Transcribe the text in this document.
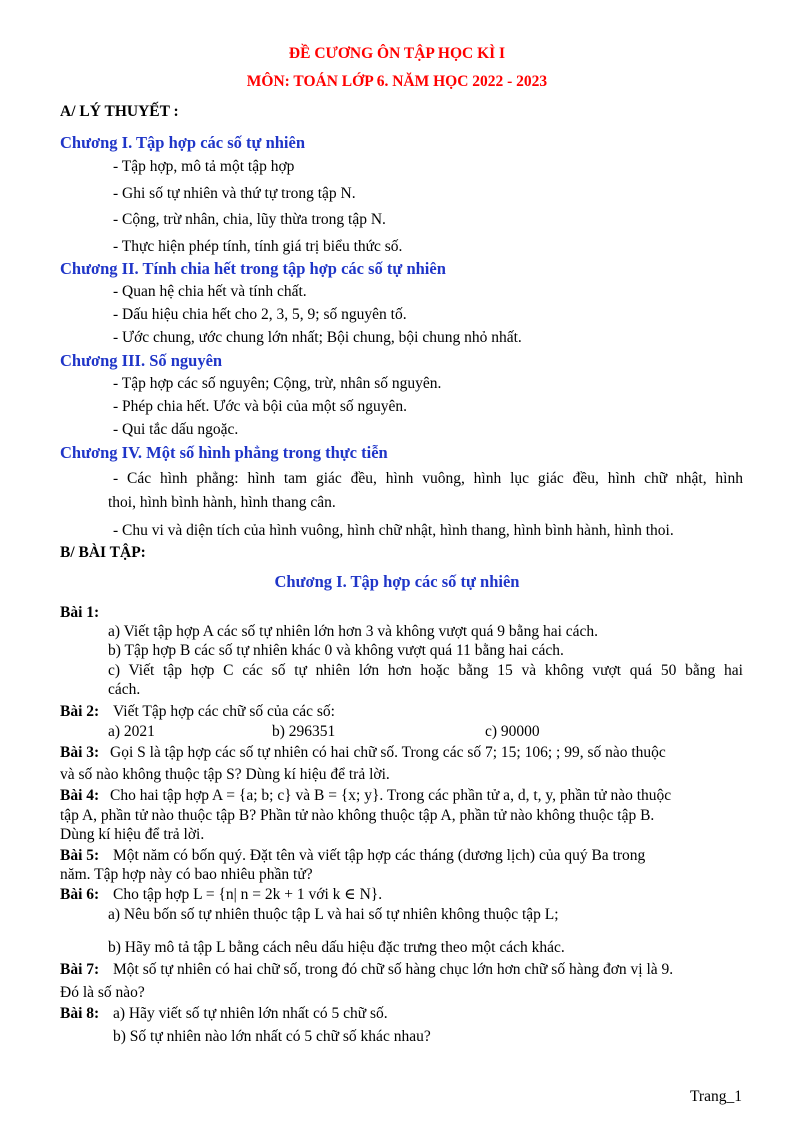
ĐỀ CƯƠNG ÔN TẬP HỌC KÌ I
MÔN: TOÁN LỚP 6. NĂM HỌC 2022 - 2023
A/ LÝ THUYẾT :
Chương I. Tập hợp các số tự nhiên
- Tập hợp, mô tả một tập hợp
- Ghi số tự nhiên và thứ tự trong tập N.
- Cộng, trừ nhân, chia, lũy thừa trong tập N.
- Thực hiện phép tính, tính giá trị biểu thức số.
Chương II. Tính chia hết trong tập hợp các số tự nhiên
- Quan hệ chia hết và tính chất.
- Dấu hiệu chia hết cho 2, 3, 5, 9; số nguyên tố.
- Ước chung, ước chung lớn nhất; Bội chung, bội chung nhỏ nhất.
Chương III. Số nguyên
- Tập hợp các số nguyên; Cộng, trừ, nhân số nguyên.
- Phép chia hết. Ước và bội của một số nguyên.
- Qui tắc dấu ngoặc.
Chương IV. Một số hình phẳng trong thực tiễn
- Các hình phẳng: hình tam giác đều, hình vuông, hình lục giác đều, hình chữ nhật, hình
thoi, hình bình hành, hình thang cân.
- Chu vi và diện tích của hình vuông, hình chữ nhật, hình thang, hình bình hành, hình thoi.
B/ BÀI TẬP:
Chương I. Tập hợp các số tự nhiên
Bài 1:
a) Viết tập hợp A các số tự nhiên lớn hơn 3 và không vượt quá 9 bằng hai cách.
b) Tập hợp B các số tự nhiên khác 0 và không vượt quá 11 bằng hai cách.
c) Viết tập hợp C các số tự nhiên lớn hơn hoặc bằng 15 và không vượt quá 50 bằng hai
cách.
Bài 2: Viết Tập hợp các chữ số của các số:
a) 2021	b) 296351	c) 90000
Bài 3: Gọi S là tập hợp các số tự nhiên có hai chữ số. Trong các số 7; 15; 106; ; 99, số nào thuộc
và số nào không thuộc tập S? Dùng kí hiệu để trả lời.
Bài 4: Cho hai tập hợp A = {a; b; c} và B = {x; y}. Trong các phần tử a, d, t, y, phần tử nào thuộc
tập A, phần tử nào thuộc tập B? Phần tử nào không thuộc tập A, phần tử nào không thuộc tập B.
Dùng kí hiệu để trả lời.
Bài 5: Một năm có bốn quý. Đặt tên và viết tập hợp các tháng (dương lịch) của quý Ba trong
năm. Tập hợp này có bao nhiêu phần tử?
Bài 6: Cho tập hợp L = {n| n = 2k + 1 với k ∈ N}.
a) Nêu bốn số tự nhiên thuộc tập L và hai số tự nhiên không thuộc tập L;
b) Hãy mô tả tập L bằng cách nêu dấu hiệu đặc trưng theo một cách khác.
Bài 7: Một số tự nhiên có hai chữ số, trong đó chữ số hàng chục lớn hơn chữ số hàng đơn vị là 9.
Đó là số nào?
Bài 8: a) Hãy viết số tự nhiên lớn nhất có 5 chữ số.
b) Số tự nhiên nào lớn nhất có 5 chữ số khác nhau?
Trang_1
